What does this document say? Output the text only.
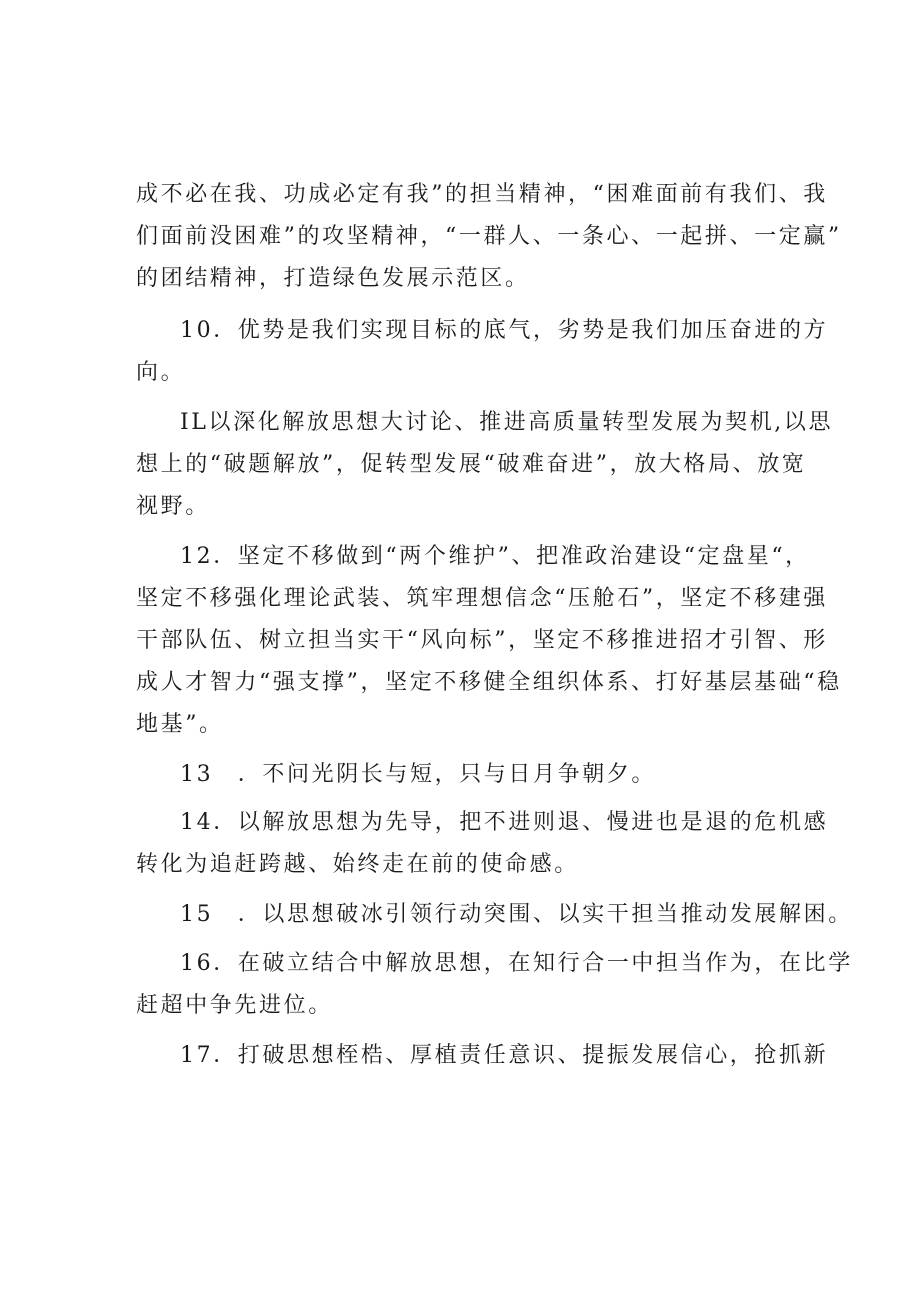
成不必在我、功成必定有我”的担当精神，“困难面前有我们、我
们面前没困难”的攻坚精神，“一群人、一条心、一起拼、一定赢”
的团结精神，打造绿色发展示范区。
10．优势是我们实现目标的底气，劣势是我们加压奋进的方
向。
IL以深化解放思想大讨论、推进高质量转型发展为契机,以思
想上的“破题解放”，促转型发展“破难奋进”，放大格局、放宽
视野。
12．坚定不移做到“两个维护”、把准政治建设“定盘星“，
坚定不移强化理论武装、筑牢理想信念“压舱石”，坚定不移建强
干部队伍、树立担当实干“风向标”，坚定不移推进招才引智、形
成人才智力“强支撑”，坚定不移健全组织体系、打好基层基础“稳
地基”。
13　．不问光阴长与短，只与日月争朝夕。
14．以解放思想为先导，把不进则退、慢进也是退的危机感
转化为追赶跨越、始终走在前的使命感。
15　．以思想破冰引领行动突围、以实干担当推动发展解困。
16．在破立结合中解放思想，在知行合一中担当作为，在比学
赶超中争先进位。
17．打破思想桎梏、厚植责任意识、提振发展信心，抢抓新
